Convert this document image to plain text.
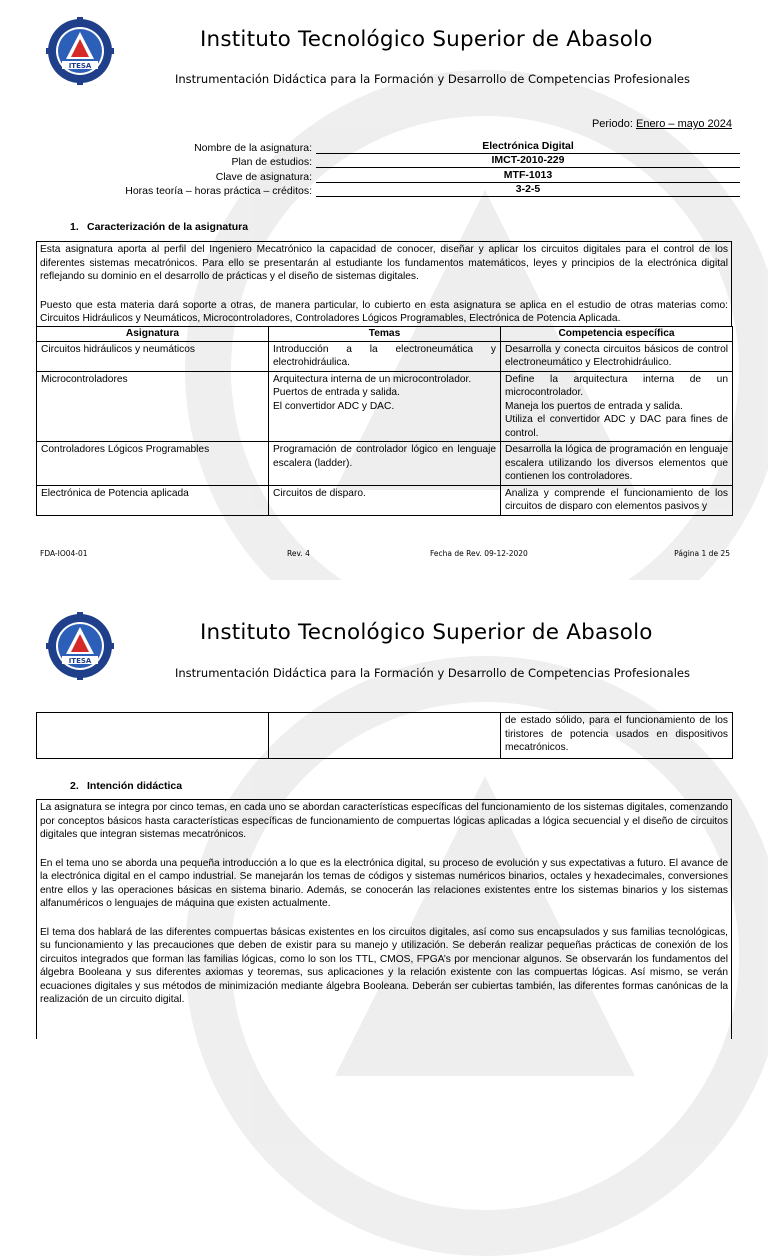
ITESA
Instituto Tecnológico Superior de Abasolo
Instrumentación Didáctica para la Formación y Desarrollo de Competencias Profesionales
Periodo: Enero – mayo 2024
Nombre de la asignatura:	Electrónica Digital
Plan de estudios:	IMCT-2010-229
Clave de asignatura:	MTF-1013
Horas teoría – horas práctica – créditos:	3-2-5
1. Caracterización de la asignatura

Esta asignatura aporta al perfil del Ingeniero Mecatrónico la capacidad de conocer, diseñar y aplicar los circuitos digitales para el control de los diferentes sistemas mecatrónicos. Para ello se presentarán al estudiante los fundamentos matemáticos, leyes y principios de la electrónica digital reflejando su dominio en el desarrollo de prácticas y el diseño de sistemas digitales.

Puesto que esta materia dará soporte a otras, de manera particular, lo cubierto en esta asignatura se aplica en el estudio de otras materias como: Circuitos Hidráulicos y Neumáticos, Microcontroladores, Controladores Lógicos Programables, Electrónica de Potencia Aplicada.

Asignatura	Temas	Competencia específica
Circuitos hidráulicos y neumáticos	Introducción a la electroneumática y electrohidráulica.	Desarrolla y conecta circuitos básicos de control electroneumático y Electrohidráulico.
Microcontroladores	Arquitectura interna de un microcontrolador.
Puertos de entrada y salida.
El convertidor ADC y DAC.	Define la arquitectura interna de un microcontrolador.
Maneja los puertos de entrada y salida.
Utiliza el convertidor ADC y DAC para fines de control.

Controladores Lógicos Programables	Programación de controlador lógico en lenguaje escalera (ladder).	Desarrolla la lógica de programación en lenguaje escalera utilizando los diversos elementos que contienen los controladores.
Electrónica de Potencia aplicada	Circuitos de disparo.	Analiza y comprende el funcionamiento de los circuitos de disparo con elementos pasivos y
FDA-IO04-01	Rev. 4	Fecha de Rev. 09-12-2020	Página 1 de 25
ITESA
Instituto Tecnológico Superior de Abasolo
Instrumentación Didáctica para la Formación y Desarrollo de Competencias Profesionales
		de estado sólido, para el funcionamiento de los tiristores de potencia usados en dispositivos mecatrónicos.
2. Intención didáctica

La asignatura se integra por cinco temas, en cada uno se abordan características específicas del funcionamiento de los sistemas digitales, comenzando por conceptos básicos hasta características específicas de funcionamiento de compuertas lógicas aplicadas a lógica secuencial y el diseño de circuitos digitales que integran sistemas mecatrónicos.

En el tema uno se aborda una pequeña introducción a lo que es la electrónica digital, su proceso de evolución y sus expectativas a futuro. El avance de la electrónica digital en el campo industrial. Se manejarán los temas de códigos y sistemas numéricos binarios, octales y hexadecimales, conversiones entre ellos y las operaciones básicas en sistema binario. Además, se conocerán las relaciones existentes entre los sistemas binarios y los sistemas alfanuméricos o lenguajes de máquina que existen actualmente.

El tema dos hablará de las diferentes compuertas básicas existentes en los circuitos digitales, así como sus encapsulados y sus familias tecnológicas, su funcionamiento y las precauciones que deben de existir para su manejo y utilización. Se deberán realizar pequeñas prácticas de conexión de los circuitos integrados que forman las familias lógicas, como lo son los TTL, CMOS, FPGA’s por mencionar algunos. Se observarán los fundamentos del álgebra Booleana y sus diferentes axiomas y teoremas, sus aplicaciones y la relación existente con las compuertas lógicas. Así mismo, se verán ecuaciones digitales y sus métodos de minimización mediante álgebra Booleana. Deberán ser cubiertas también, las diferentes formas canónicas de la realización de un circuito digital.
